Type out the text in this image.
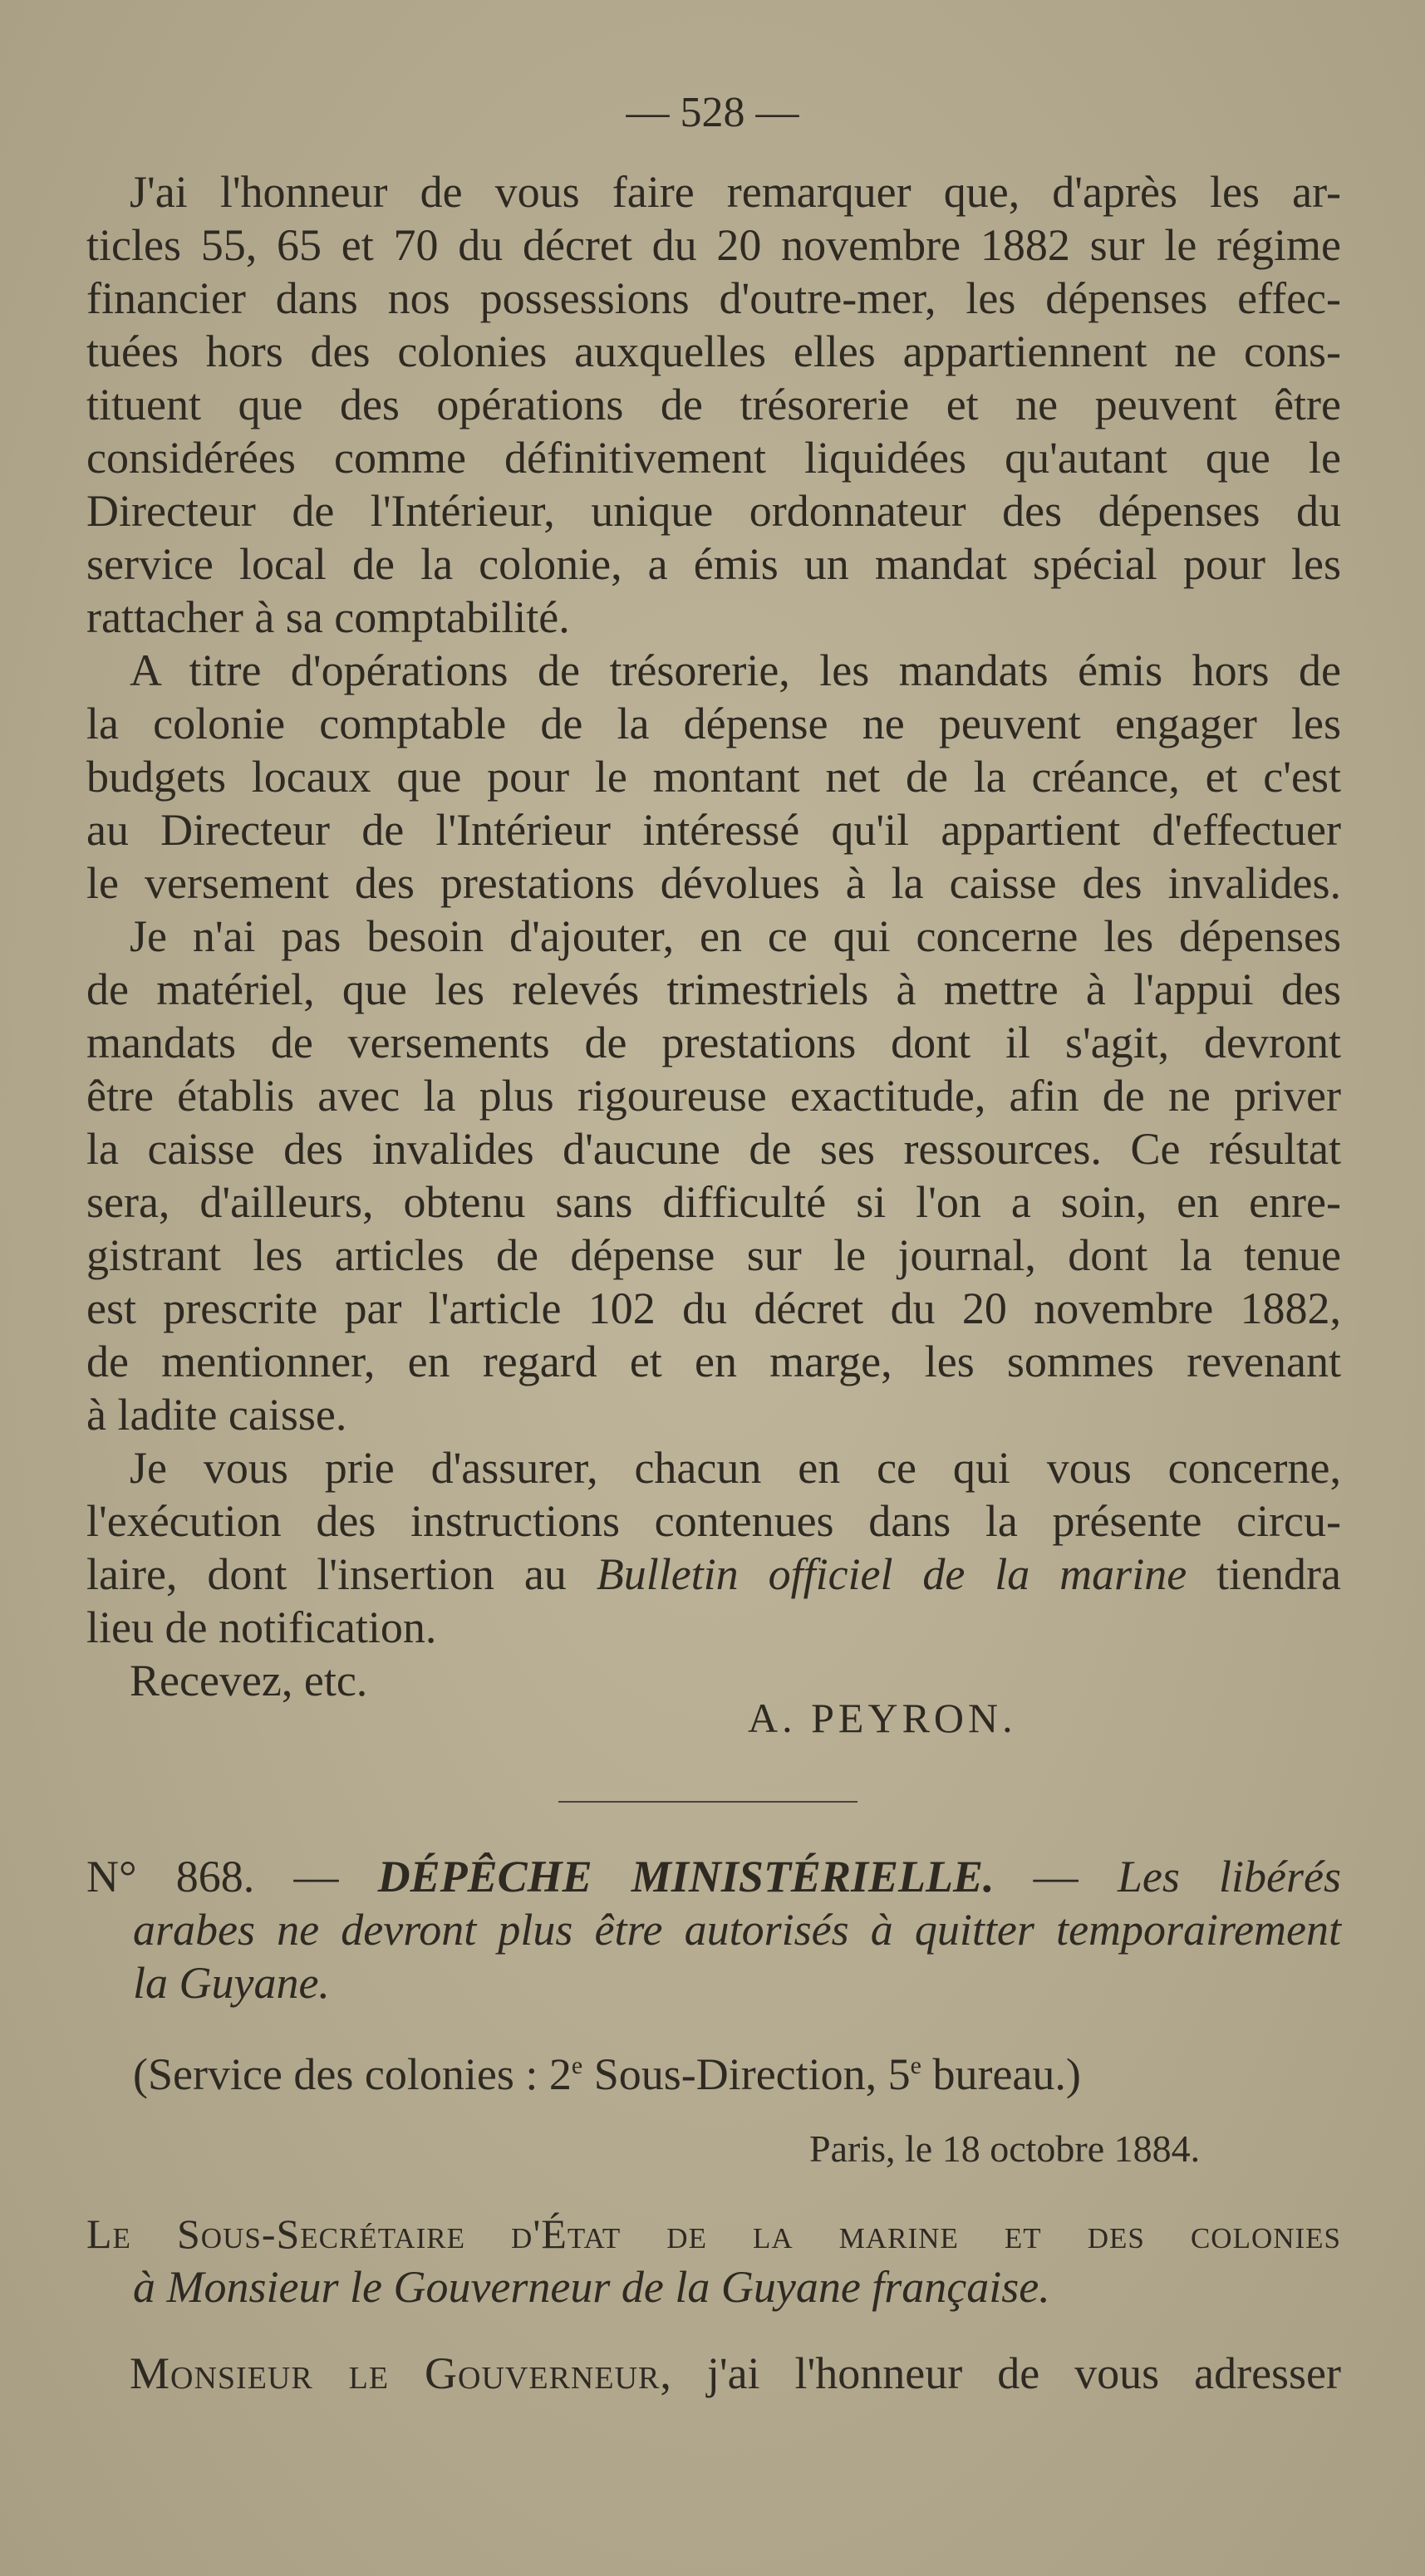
— 528 —
J'ai l'honneur de vous faire remarquer que, d'après les ar-
ticles 55, 65 et 70 du décret du 20 novembre 1882 sur le régime
financier dans nos possessions d'outre-mer, les dépenses effec-
tuées hors des colonies auxquelles elles appartiennent ne cons-
tituent que des opérations de trésorerie et ne peuvent être
considérées comme définitivement liquidées qu'autant que le
Directeur de l'Intérieur, unique ordonnateur des dépenses du
service local de la colonie, a émis un mandat spécial pour les
rattacher à sa comptabilité.
A titre d'opérations de trésorerie, les mandats émis hors de
la colonie comptable de la dépense ne peuvent engager les
budgets locaux que pour le montant net de la créance, et c'est
au Directeur de l'Intérieur intéressé qu'il appartient d'effectuer
le versement des prestations dévolues à la caisse des invalides.
Je n'ai pas besoin d'ajouter, en ce qui concerne les dépenses
de matériel, que les relevés trimestriels à mettre à l'appui des
mandats de versements de prestations dont il s'agit, devront
être établis avec la plus rigoureuse exactitude, afin de ne priver
la caisse des invalides d'aucune de ses ressources. Ce résultat
sera, d'ailleurs, obtenu sans difficulté si l'on a soin, en enre-
gistrant les articles de dépense sur le journal, dont la tenue
est prescrite par l'article 102 du décret du 20 novembre 1882,
de mentionner, en regard et en marge, les sommes revenant
à ladite caisse.
Je vous prie d'assurer, chacun en ce qui vous concerne,
l'exécution des instructions contenues dans la présente circu-
laire, dont l'insertion au Bulletin officiel de la marine tiendra
lieu de notification.
Recevez, etc.
A. PEYRON.
N° 868. — DÉPÊCHE MINISTÉRIELLE. — Les libérés
arabes ne devront plus être autorisés à quitter temporairement
la Guyane.
(Service des colonies : 2e Sous-Direction, 5e bureau.)
Paris, le 18 octobre 1884.
Le Sous-Secrétaire d'État de la marine et des colonies
à Monsieur le Gouverneur de la Guyane française.
Monsieur le Gouverneur, j'ai l'honneur de vous adresser
